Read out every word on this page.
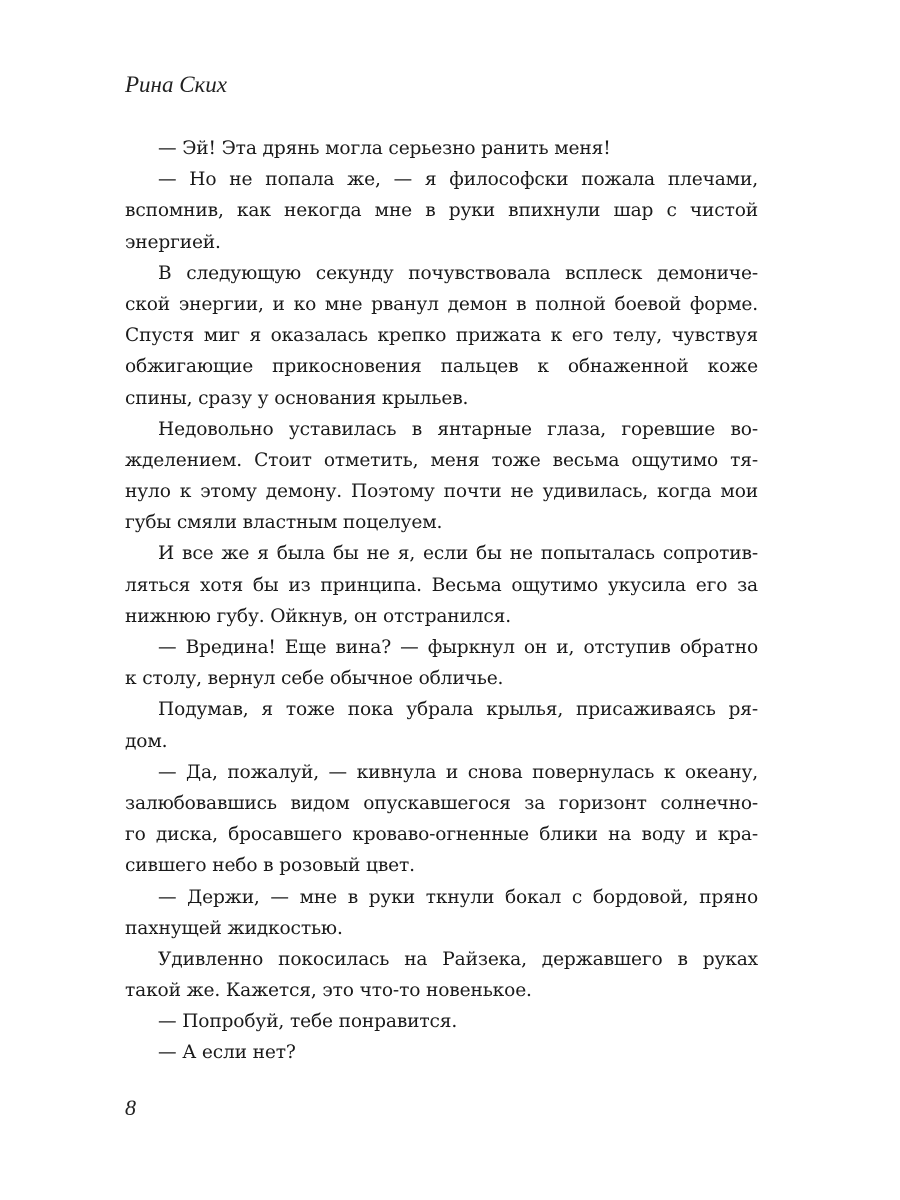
Рина Ских

— Эй! Эта дрянь могла серьезно ранить меня!
— Но не попала же, — я философски пожала плечами,
вспомнив, как некогда мне в руки впихнули шар с чистой
энергией.
В следующую секунду почувствовала всплеск демониче-
ской энергии, и ко мне рванул демон в полной боевой форме.
Спустя миг я оказалась крепко прижата к его телу, чувствуя
обжигающие прикосновения пальцев к обнаженной коже
спины, сразу у основания крыльев.
Недовольно уставилась в янтарные глаза, горевшие во-
жделением. Стоит отметить, меня тоже весьма ощутимо тя-
нуло к этому демону. Поэтому почти не удивилась, когда мои
губы смяли властным поцелуем.
И все же я была бы не я, если бы не попыталась сопротив-
ляться хотя бы из принципа. Весьма ощутимо укусила его за
нижнюю губу. Ойкнув, он отстранился.
— Вредина! Еще вина? — фыркнул он и, отступив обратно
к столу, вернул себе обычное обличье.
Подумав, я тоже пока убрала крылья, присаживаясь ря-
дом.
— Да, пожалуй, — кивнула и снова повернулась к океану,
залюбовавшись видом опускавшегося за горизонт солнечно-
го диска, бросавшего кроваво-огненные блики на воду и кра-
сившего небо в розовый цвет.
— Держи, — мне в руки ткнули бокал с бордовой, пряно
пахнущей жидкостью.
Удивленно покосилась на Райзека, державшего в руках
такой же. Кажется, это что-то новенькое.
— Попробуй, тебе понравится.
— А если нет?

8
